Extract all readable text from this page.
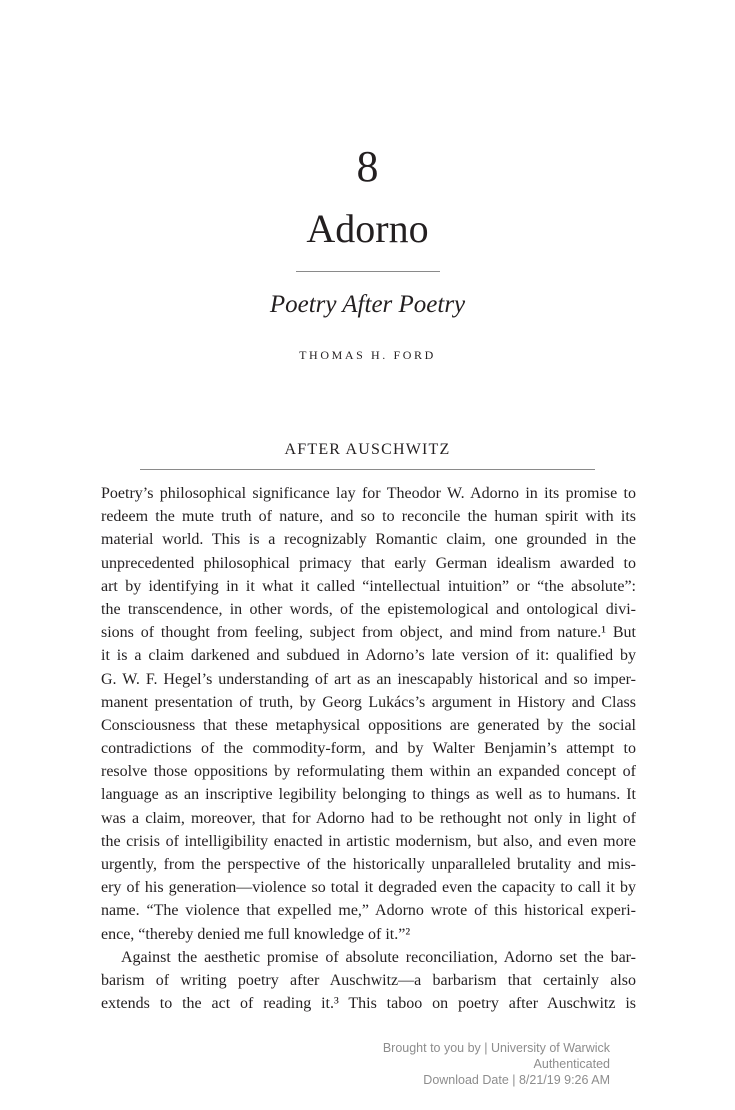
8
Adorno
Poetry After Poetry
THOMAS H. FORD
AFTER AUSCHWITZ
Poetry’s philosophical significance lay for Theodor W. Adorno in its promise to
redeem the mute truth of nature, and so to reconcile the human spirit with its
material world. This is a recognizably Romantic claim, one grounded in the
unprecedented philosophical primacy that early German idealism awarded to
art by identifying in it what it called “intellectual intuition” or “the absolute”:
the transcendence, in other words, of the epistemological and ontological divi-
sions of thought from feeling, subject from object, and mind from nature.¹ But
it is a claim darkened and subdued in Adorno’s late version of it: qualified by
G. W. F. Hegel’s understanding of art as an inescapably historical and so imper-
manent presentation of truth, by Georg Lukács’s argument in History and Class
Consciousness that these metaphysical oppositions are generated by the social
contradictions of the commodity-form, and by Walter Benjamin’s attempt to
resolve those oppositions by reformulating them within an expanded concept of
language as an inscriptive legibility belonging to things as well as to humans. It
was a claim, moreover, that for Adorno had to be rethought not only in light of
the crisis of intelligibility enacted in artistic modernism, but also, and even more
urgently, from the perspective of the historically unparalleled brutality and mis-
ery of his generation—violence so total it degraded even the capacity to call it by
name. “The violence that expelled me,” Adorno wrote of this historical experi-
ence, “thereby denied me full knowledge of it.”²
Against the aesthetic promise of absolute reconciliation, Adorno set the bar-
barism of writing poetry after Auschwitz—a barbarism that certainly also
extends to the act of reading it.³ This taboo on poetry after Auschwitz is
Brought to you by | University of Warwick
Authenticated
Download Date | 8/21/19 9:26 AM
